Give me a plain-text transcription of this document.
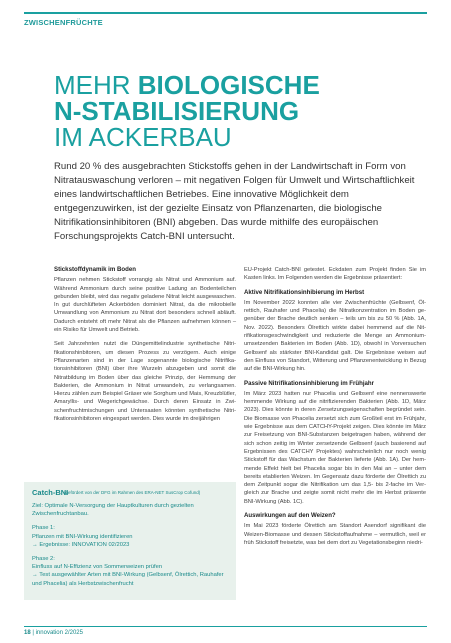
ZWISCHENFRÜCHTE
MEHR BIOLOGISCHE
N-STABILISIERUNG
IM ACKERBAU
Rund 20 % des ausgebrachten Stickstoffs gehen in der Landwirtschaft in Form von Nitratauswaschung verloren – mit negativen Folgen für Umwelt und Wirtschaftlichkeit eines landwirtschaftlichen Betriebes. Eine innovative Möglichkeit dem entgegenzuwirken, ist der gezielte Einsatz von Pflanzenarten, die biologische Nitrifikationsinhibitoren (BNI) abgeben. Das wurde mithilfe des europäischen Forschungsprojekts Catch-BNI untersucht.

Stickstoffdynamik im Boden

Pflanzen nehmen Stickstoff vorrangig als Nitrat und Ammonium auf. Während Ammonium durch seine positive Ladung an Bodenteilchen gebunden bleibt, wird das negativ geladene Nitrat leicht ausgewaschen. In gut durchlüfteten Ackerböden dominiert Nitrat, da die mikrobielle Umwandlung von Ammonium zu Nitrat dort besonders schnell abläuft. Dadurch entsteht oft mehr Nitrat als die Pflanzen aufnehmen können – ein Risiko für Umwelt und Betrieb.

Seit Jahrzehnten nutzt die Düngemittelindustrie synthetische Nitrifikationshinbitoren, um diesen Prozess zu verzögern. Auch einige Pflanzenarten sind in der Lage sogenannte biologische Nitrifikationsinhibitoren (BNI) über ihre Wurzeln abzugeben und somit die Nitratbildung im Boden über das gleiche Prinzip, der Hemmung der Bakterien, die Ammonium in Nitrat umwandeln, zu verlangsamen. Hierzu zählen zum Beispiel Gräser wie Sorghum und Mais, Kreuzblütler, Amaryllis- und Wegerichgewächse. Durch deren Einsatz in Zwischenfruchtmischungen und Untersaaten könnten synthetische Nitrifikationsinhibitoren eingespart werden. Dies wurde im dreijährigen

EU-Projekt Catch-BNI getestet. Eckdaten zum Projekt finden Sie im Kasten links. Im Folgenden werden die Ergebnisse präsentiert:

Aktive Nitrifikationsinhibierung im Herbst

Im November 2022 konnten alle vier Zwischenfrüchte (Gelbsenf, Ölrettich, Rauhafer und Phacelia) die Nitratkonzentration im Boden gegenüber der Brache deutlich senken – teils um bis zu 50 % (Abb. 1A, Nov. 2022). Besonders Ölrettich wirkte dabei hemmend auf die Nitrifikationsgeschwindigkeit und reduzierte die Menge an Ammoniumumsetzenden Bakterien im Boden (Abb. 1D), obwohl in Vorversuchen Gelbsenf als stärkster BNI-Kandidat galt. Die Ergebnisse weisen auf den Einfluss von Standort, Witterung und Pflanzenentwicklung in Bezug auf die BNI-Wirkung hin.

Passive Nitrifikationsinhibierung im Frühjahr

Im März 2023 hatten nur Phacelia und Gelbsenf eine nennenswerte hemmende Wirkung auf die nitrifizierenden Bakterien (Abb. 1D, März 2023). Dies könnte in deren Zersetzungseigenschaften begründet sein. Die Biomasse von Phacelia zersetzt sich zum Großteil erst im Frühjahr, wie Ergebnisse aus dem CATCHY-Projekt zeigen. Dies könnte im März zur Freisetzung von BNI-Substanzen beigetragen haben, während der sich schon zeitig im Winter zersetzende Gelbsenf (auch basierend auf Ergebnissen des CATCHY Projektes) wahrscheinlich nur noch wenig Stickstoff für das Wachstum der Bakterien lieferte (Abb. 1A). Der hemmende Effekt hielt bei Phacelia sogar bis in den Mai an – unter dem bereits etablierten Weizen. Im Gegensatz dazu förderte der Ölrettich zu dem Zeitpunkt sogar die Nitrifikation um das 1,5- bis 2-fache im Vergleich zur Brache und zeigte somit nicht mehr die im Herbst präsente BNI-Wirkung (Abb. 1C).

Auswirkungen auf den Weizen?

Im Mai 2023 förderte Ölrettich am Standort Asendorf signifikant die Weizen-Biomasse und dessen Stickstoffaufnahme – vermutlich, weil er früh Stickstoff freisetzte, was bei dem dort zu Vegetationsbeginn niedri-

Catch-BNI
(gefördert von der DFG im Rahmen des ERA-NET SusCrop Cofund)

Ziel: Optimale N-Versorgung der Hauptkulturen durch gezielten Zwischenfruchtanbau.

Phase 1:
Pflanzen mit BNI-Wirkung identifizieren
→ Ergebnisse: INNOVATION 02/2023

Phase 2:
Einfluss auf N-Effizienz von Sommerweizen prüfen
→ Test ausgewählter Arten mit BNI-Wirkung (Gelbsenf, Ölrettich, Rauhafer und Phacelia) als Herbstzwischenfrucht

18 | innovation 2/2025
